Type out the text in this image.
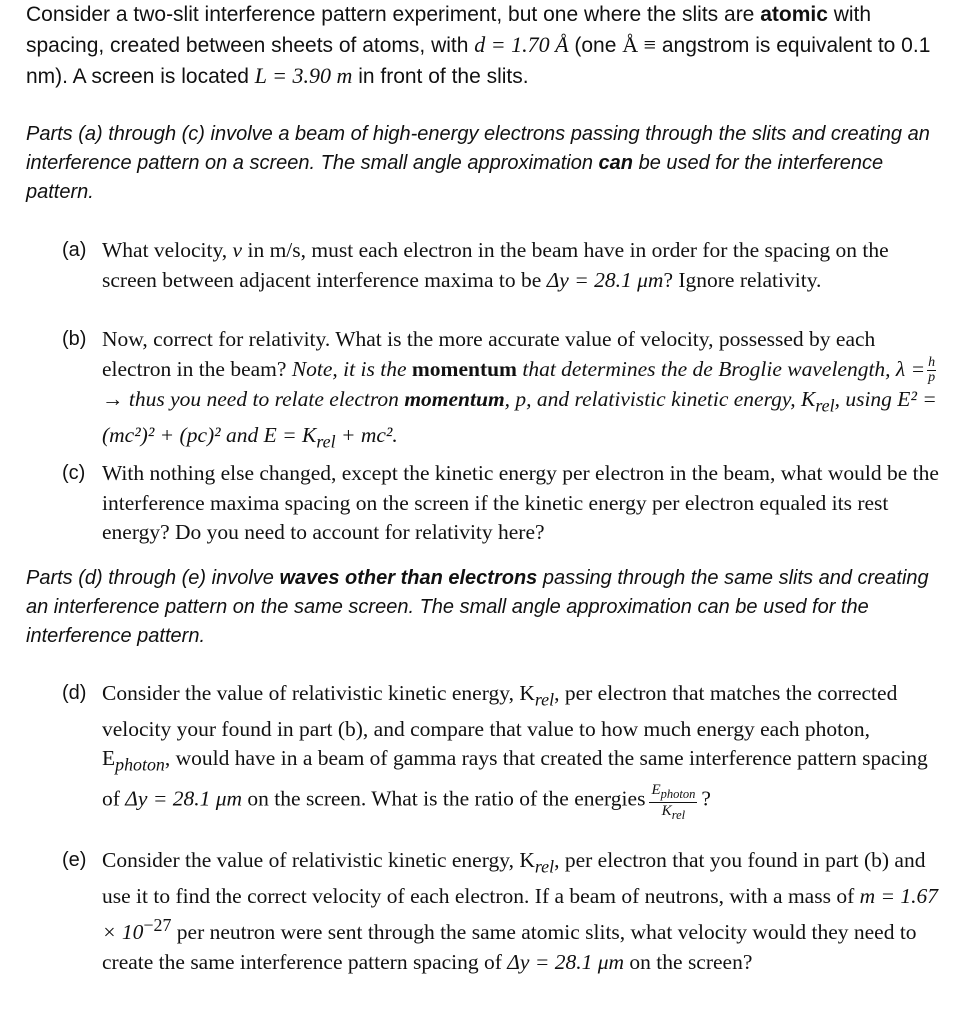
Consider a two-slit interference pattern experiment, but one where the slits are atomic with spacing, created between sheets of atoms, with d = 1.70 Å (one Å ≡ angstrom is equivalent to 0.1 nm). A screen is located L = 3.90 m in front of the slits.
Parts (a) through (c) involve a beam of high-energy electrons passing through the slits and creating an interference pattern on a screen. The small angle approximation can be used for the interference pattern.
(a) What velocity, v in m/s, must each electron in the beam have in order for the spacing on the screen between adjacent interference maxima to be Δy = 28.1 μm? Ignore relativity.
(b) Now, correct for relativity. What is the more accurate value of velocity, possessed by each electron in the beam? Note, it is the momentum that determines the de Broglie wavelength, $\lambda = \frac{h}{p}$
→ thus you need to relate electron momentum, p, and relativistic kinetic energy, $K_{rel}$, using E² = (mc²)² + (pc)² and $E = K_{rel} + mc^2$.
(c) With nothing else changed, except the kinetic energy per electron in the beam, what would be the interference maxima spacing on the screen if the kinetic energy per electron equaled its rest energy? Do you need to account for relativity here?
Parts (d) through (e) involve waves other than electrons passing through the same slits and creating an interference pattern on the same screen. The small angle approximation can be used for the interference pattern.
(d) Consider the value of relativistic kinetic energy, $K_{rel}$, per electron that matches the corrected velocity your found in part (b), and compare that value to how much energy each photon, $E_{photon}$, would have in a beam of gamma rays that created the same interference pattern spacing of Δy = 28.1 μm on the screen. What is the ratio of the energies $\frac{E_{photon}}{K_{rel}}$ ?
(e) Consider the value of relativistic kinetic energy, $K_{rel}$, per electron that you found in part (b) and use it to find the correct velocity of each electron. If a beam of neutrons, with a mass of $m = 1.67 \times 10^{-27}$ per neutron were sent through the same atomic slits, what velocity would they need to create the same interference pattern spacing of Δy = 28.1 μm on the screen?
